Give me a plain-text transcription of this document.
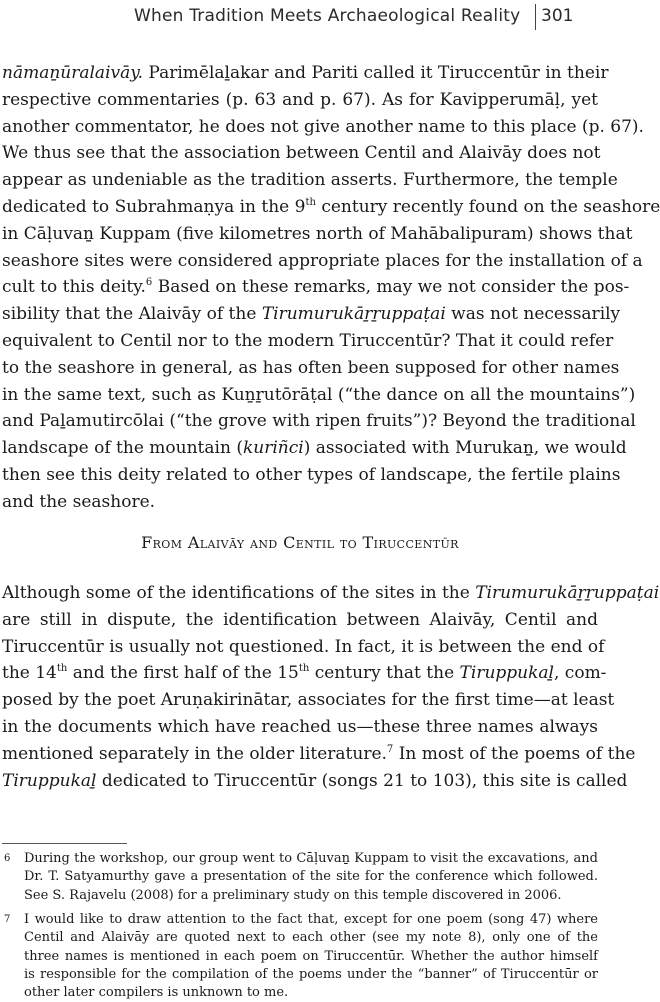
When Tradition Meets Archaeological Reality 301
nāmaṉūralaivāy. Parimēlaḻakar and Pariti called it Tiruccentūr in their
respective commentaries (p. 63 and p. 67). As for Kavipperumāḷ, yet
another commentator, he does not give another name to this place (p. 67).
We thus see that the association between Centil and Alaivāy does not
appear as undeniable as the tradition asserts. Furthermore, the temple
dedicated to Subrahmaṇya in the 9th century recently found on the seashore
in Cāḷuvaṉ Kuppam (five kilometres north of Mahābalipuram) shows that
seashore sites were considered appropriate places for the installation of a
cult to this deity.$^6$ Based on these remarks, may we not consider the pos-
sibility that the Alaivāy of the Tirumurukāṟṟuppaṭai was not necessarily
equivalent to Centil nor to the modern Tiruccentūr? That it could refer
to the seashore in general, as has often been supposed for other names
in the same text, such as Kuṉṟutōrāṭal (“the dance on all the mountains”)
and Paḻamutircōlai (“the grove with ripen fruits”)? Beyond the traditional
landscape of the mountain (kuriñci) associated with Murukaṉ, we would
then see this deity related to other types of landscape, the fertile plains
and the seashore.
From Alaivāy and Centil to Tiruccentūr
Although some of the identifications of the sites in the Tirumurukāṟṟuppaṭai
are still in dispute, the identification between Alaivāy, Centil and
Tiruccentūr is usually not questioned. In fact, it is between the end of
the 14th and the first half of the 15th century that the Tiruppukaḻ, com-
posed by the poet Aruṇakirinātar, associates for the first time—at least
in the documents which have reached us—these three names always
mentioned separately in the older literature.$^7$ In most of the poems of the
Tiruppukaḻ dedicated to Tiruccentūr (songs 21 to 103), this site is called
6 During the workshop, our group went to Cāḷuvaṉ Kuppam to visit the excavations, and
Dr. T. Satyamurthy gave a presentation of the site for the conference which followed.
See S. Rajavelu (2008) for a preliminary study on this temple discovered in 2006.
7 I would like to draw attention to the fact that, except for one poem (song 47) where
Centil and Alaivāy are quoted next to each other (see my note 8), only one of the
three names is mentioned in each poem on Tiruccentūr. Whether the author himself
is responsible for the compilation of the poems under the “banner” of Tiruccentūr or
other later compilers is unknown to me.
